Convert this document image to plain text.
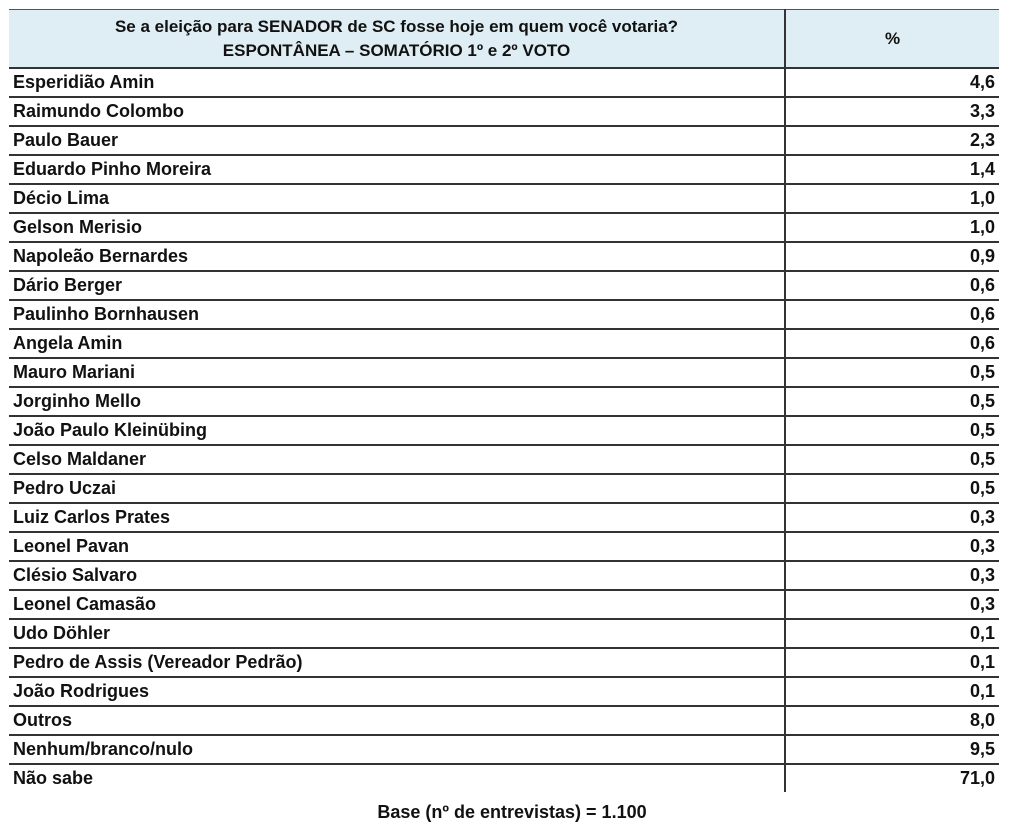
Se a eleição para SENADOR de SC fosse hoje em quem você votaria?
ESPONTÂNEA – SOMATÓRIO 1º e 2º VOTO	%
Esperidião Amin	4,6
Raimundo Colombo	3,3
Paulo Bauer	2,3
Eduardo Pinho Moreira	1,4
Décio Lima	1,0
Gelson Merisio	1,0
Napoleão Bernardes	0,9
Dário Berger	0,6
Paulinho Bornhausen	0,6
Angela Amin	0,6
Mauro Mariani	0,5
Jorginho Mello	0,5
João Paulo Kleinübing	0,5
Celso Maldaner	0,5
Pedro Uczai	0,5
Luiz Carlos Prates	0,3
Leonel Pavan	0,3
Clésio Salvaro	0,3
Leonel Camasão	0,3
Udo Döhler	0,1
Pedro de Assis (Vereador Pedrão)	0,1
João Rodrigues	0,1
Outros	8,0
Nenhum/branco/nulo	9,5
Não sabe	71,0
Base (nº de entrevistas) = 1.100
